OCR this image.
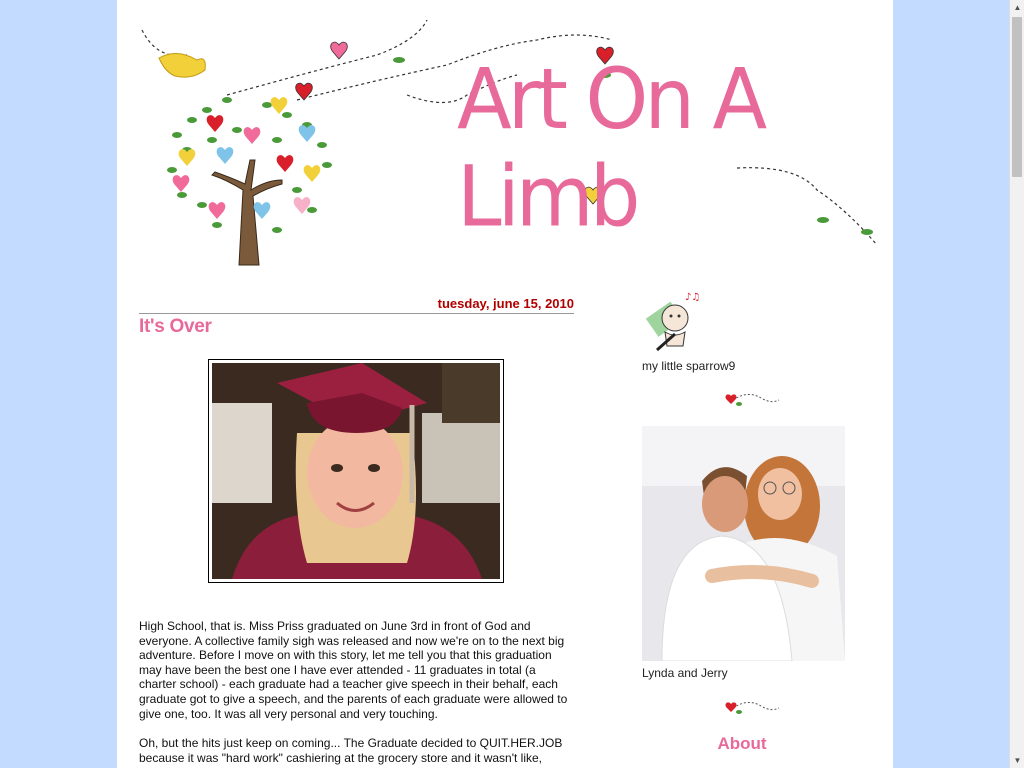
Art On A Limb
tuesday, june 15, 2010
It's Over

High School, that is. Miss Priss graduated on June 3rd in front of God and everyone. A collective family sigh was released and now we're on to the next big adventure. Before I move on with this story, let me tell you that this graduation may have been the best one I have ever attended - 11 graduates in total (a charter school) - each graduate had a teacher give speech in their behalf, each graduate got to give a speech, and the parents of each graduate were allowed to give one, too. It was all very personal and very touching.

Oh, but the hits just keep on coming... The Graduate decided to QUIT.HER.JOB because it was "hard work" cashiering at the grocery store and it wasn't like,

♪♫
my little sparrow9
Lynda and Jerry
About
▲
▼
